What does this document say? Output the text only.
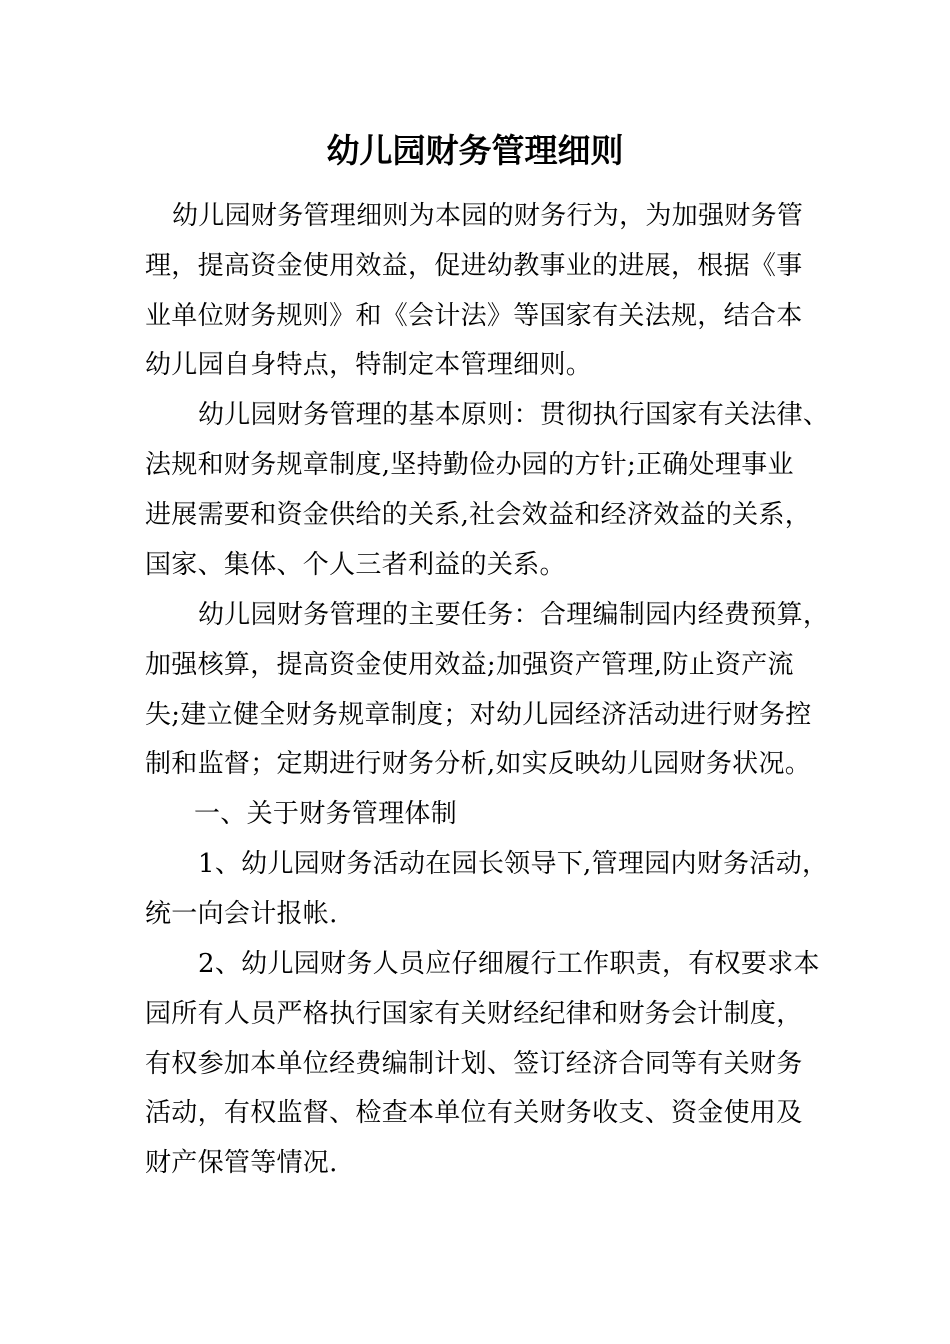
幼儿园财务管理细则
幼儿园财务管理细则为本园的财务行为，为加强财务管
理，提高资金使用效益，促进幼教事业的进展，根据《事
业单位财务规则》和《会计法》等国家有关法规，结合本
幼儿园自身特点，特制定本管理细则。
幼儿园财务管理的基本原则：贯彻执行国家有关法律、
法规和财务规章制度,坚持勤俭办园的方针;正确处理事业
进展需要和资金供给的关系,社会效益和经济效益的关系，
国家、集体、个人三者利益的关系。
幼儿园财务管理的主要任务：合理编制园内经费预算，
加强核算，提高资金使用效益;加强资产管理,防止资产流
失;建立健全财务规章制度；对幼儿园经济活动进行财务控
制和监督；定期进行财务分析,如实反映幼儿园财务状况。
一、关于财务管理体制
1、幼儿园财务活动在园长领导下,管理园内财务活动，
统一向会计报帐.
2、幼儿园财务人员应仔细履行工作职责，有权要求本
园所有人员严格执行国家有关财经纪律和财务会计制度，
有权参加本单位经费编制计划、签订经济合同等有关财务
活动，有权监督、检查本单位有关财务收支、资金使用及
财产保管等情况.
